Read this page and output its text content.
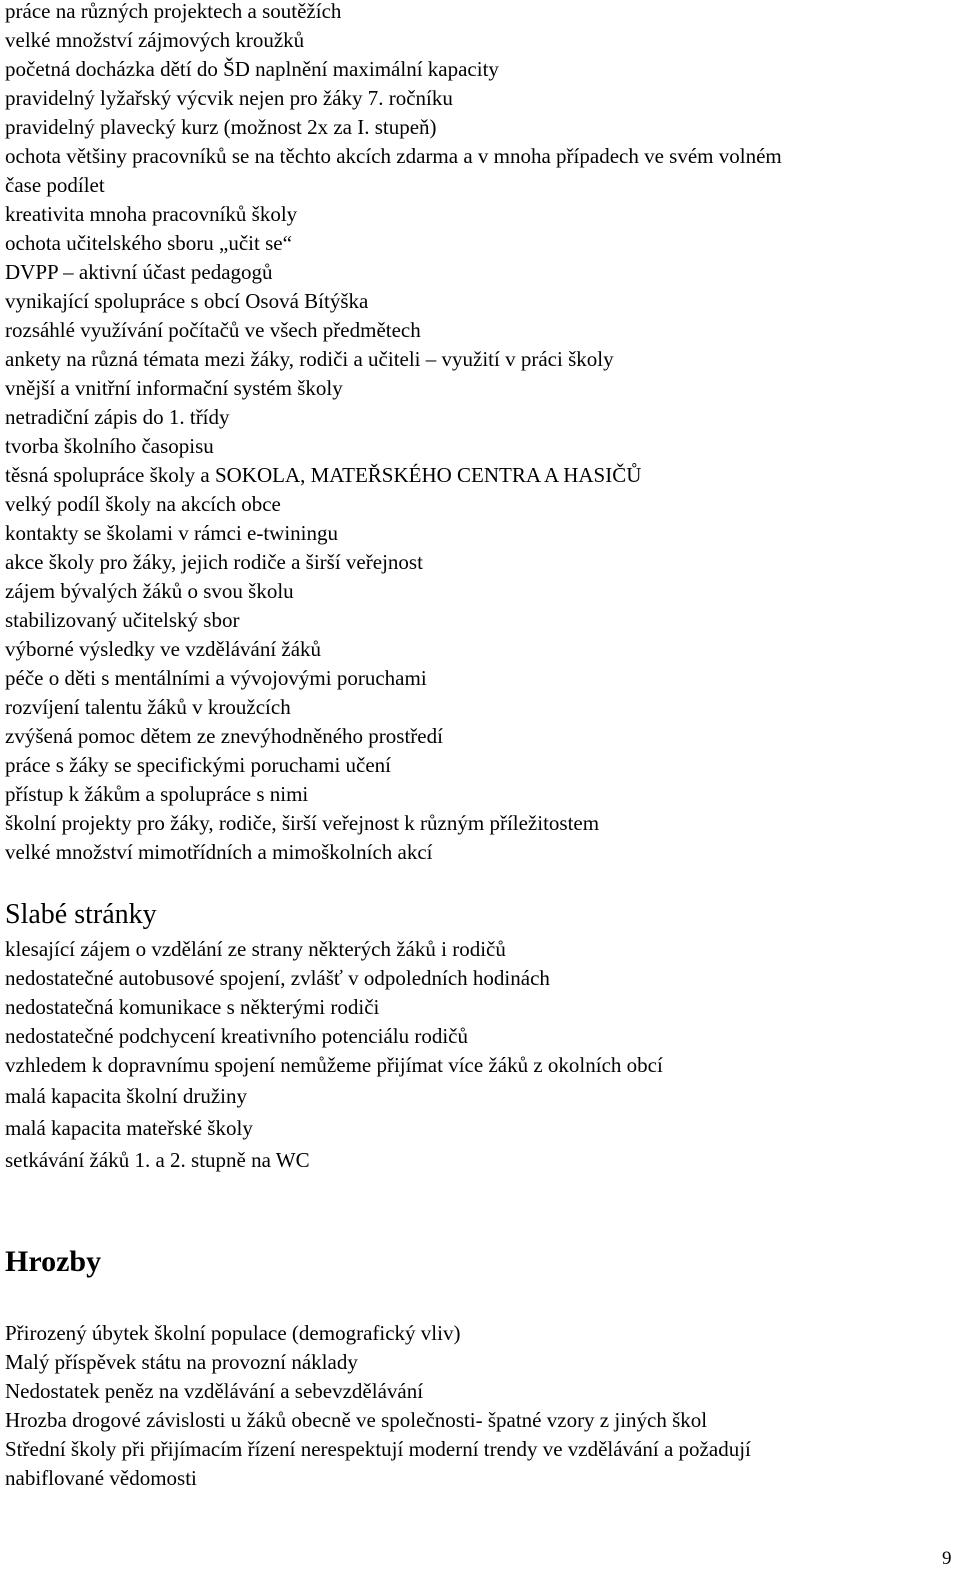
práce na různých projektech a soutěžích

velké množství zájmových kroužků

početná docházka dětí do ŠD naplnění maximální kapacity

pravidelný lyžařský výcvik nejen pro žáky 7. ročníku

pravidelný plavecký kurz (možnost 2x za I. stupeň)

ochota většiny pracovníků se na těchto akcích zdarma a v mnoha případech ve svém volném

čase podílet

kreativita mnoha pracovníků školy

ochota učitelského sboru „učit se“

DVPP – aktivní účast pedagogů

vynikající spolupráce s obcí Osová Bítýška

rozsáhlé využívání počítačů ve všech předmětech

ankety na různá témata mezi žáky, rodiči a učiteli – využití v práci školy

vnější a vnitřní informační systém školy

netradiční zápis do 1. třídy

tvorba školního časopisu

těsná spolupráce školy a SOKOLA, MATEŘSKÉHO CENTRA A HASIČŮ

velký podíl školy na akcích obce

kontakty se školami v rámci e-twiningu

akce školy pro žáky, jejich rodiče a širší veřejnost

zájem bývalých žáků o svou školu

stabilizovaný učitelský sbor

výborné výsledky ve vzdělávání žáků

péče o děti s mentálními a vývojovými poruchami

rozvíjení talentu žáků v kroužcích

zvýšená pomoc dětem ze znevýhodněného prostředí

práce s žáky se specifickými poruchami učení

přístup k žákům a spolupráce s nimi

školní projekty pro žáky, rodiče, širší veřejnost k různým příležitostem

velké množství mimotřídních a mimoškolních akcí

Slabé stránky

klesající zájem o vzdělání ze strany některých žáků i rodičů

nedostatečné autobusové spojení, zvlášť v odpoledních hodinách

nedostatečná komunikace s některými rodiči

nedostatečné podchycení kreativního potenciálu rodičů

vzhledem k dopravnímu spojení nemůžeme přijímat více žáků z okolních obcí

malá kapacita školní družiny

malá kapacita mateřské školy

setkávání žáků 1. a 2. stupně na WC

Hrozby

Přirozený úbytek školní populace (demografický vliv)

Malý příspěvek státu na provozní náklady

Nedostatek peněz na vzdělávání a sebevzdělávání

Hrozba drogové závislosti u žáků obecně ve společnosti- špatné vzory z jiných škol

Střední školy při přijímacím řízení nerespektují moderní trendy ve vzdělávání a požadují

nabiflované vědomosti

9
